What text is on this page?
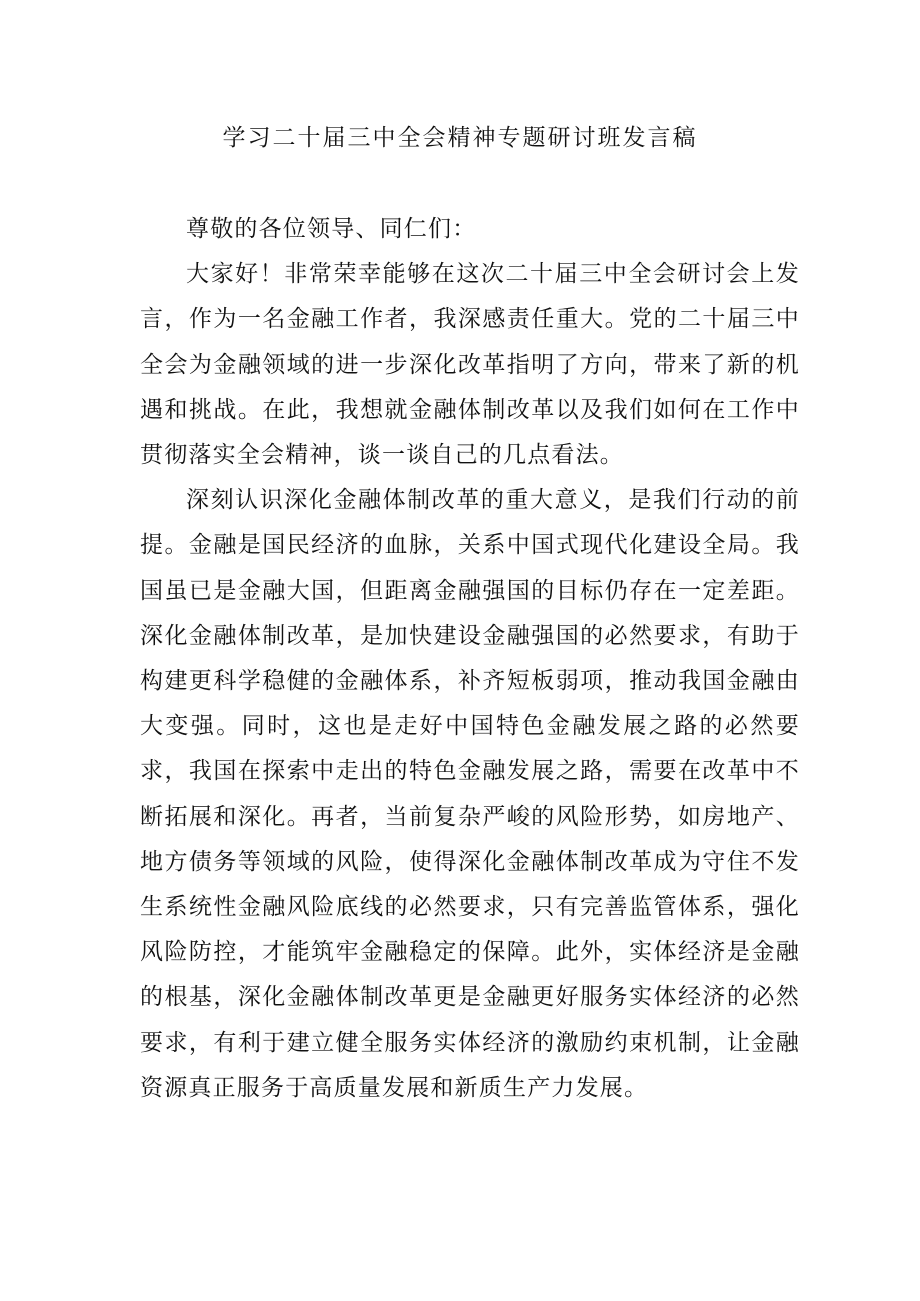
学习二十届三中全会精神专题研讨班发言稿

尊敬的各位领导、同仁们：

大家好！非常荣幸能够在这次二十届三中全会研讨会上发言，作为一名金融工作者，我深感责任重大。党的二十届三中全会为金融领域的进一步深化改革指明了方向，带来了新的机遇和挑战。在此，我想就金融体制改革以及我们如何在工作中贯彻落实全会精神，谈一谈自己的几点看法。

深刻认识深化金融体制改革的重大意义，是我们行动的前提。金融是国民经济的血脉，关系中国式现代化建设全局。我国虽已是金融大国，但距离金融强国的目标仍存在一定差距。深化金融体制改革，是加快建设金融强国的必然要求，有助于构建更科学稳健的金融体系，补齐短板弱项，推动我国金融由大变强。同时，这也是走好中国特色金融发展之路的必然要求，我国在探索中走出的特色金融发展之路，需要在改革中不断拓展和深化。再者，当前复杂严峻的风险形势，如房地产、地方债务等领域的风险，使得深化金融体制改革成为守住不发生系统性金融风险底线的必然要求，只有完善监管体系，强化风险防控，才能筑牢金融稳定的保障。此外，实体经济是金融的根基，深化金融体制改革更是金融更好服务实体经济的必然要求，有利于建立健全服务实体经济的激励约束机制，让金融资源真正服务于高质量发展和新质生产力发展。
